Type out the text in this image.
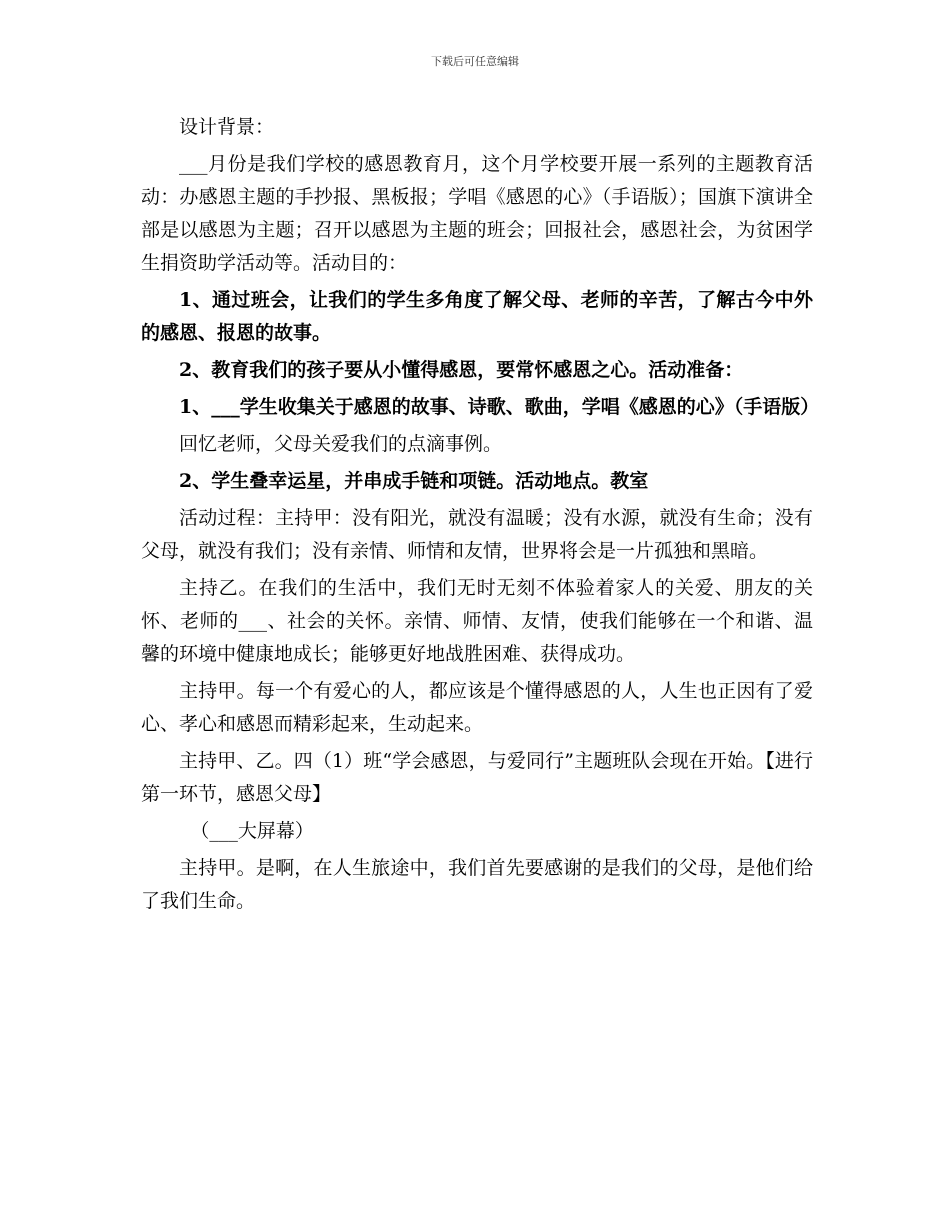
下载后可任意编辑

设计背景：

___月份是我们学校的感恩教育月，这个月学校要开展一系列的主题教育活动：办感恩主题的手抄报、黑板报；学唱《感恩的心》（手语版）；国旗下演讲全部是以感恩为主题；召开以感恩为主题的班会；回报社会，感恩社会，为贫困学生捐资助学活动等。活动目的：

1、通过班会，让我们的学生多角度了解父母、老师的辛苦，了解古今中外的感恩、报恩的故事。

2、教育我们的孩子要从小懂得感恩，要常怀感恩之心。活动准备：

1、___学生收集关于感恩的故事、诗歌、歌曲，学唱《感恩的心》（手语版）

回忆老师，父母关爱我们的点滴事例。

2、学生叠幸运星，并串成手链和项链。活动地点。教室

活动过程：主持甲：没有阳光，就没有温暖；没有水源，就没有生命；没有父母，就没有我们；没有亲情、师情和友情，世界将会是一片孤独和黑暗。

主持乙。在我们的生活中，我们无时无刻不体验着家人的关爱、朋友的关怀、老师的___、社会的关怀。亲情、师情、友情，使我们能够在一个和谐、温馨的环境中健康地成长；能够更好地战胜困难、获得成功。

主持甲。每一个有爱心的人，都应该是个懂得感恩的人，人生也正因有了爱心、孝心和感恩而精彩起来，生动起来。

主持甲、乙。四（1）班“学会感恩，与爱同行”主题班队会现在开始。【进行第一环节，感恩父母】

（___大屏幕）

主持甲。是啊，在人生旅途中，我们首先要感谢的是我们的父母，是他们给了我们生命。
